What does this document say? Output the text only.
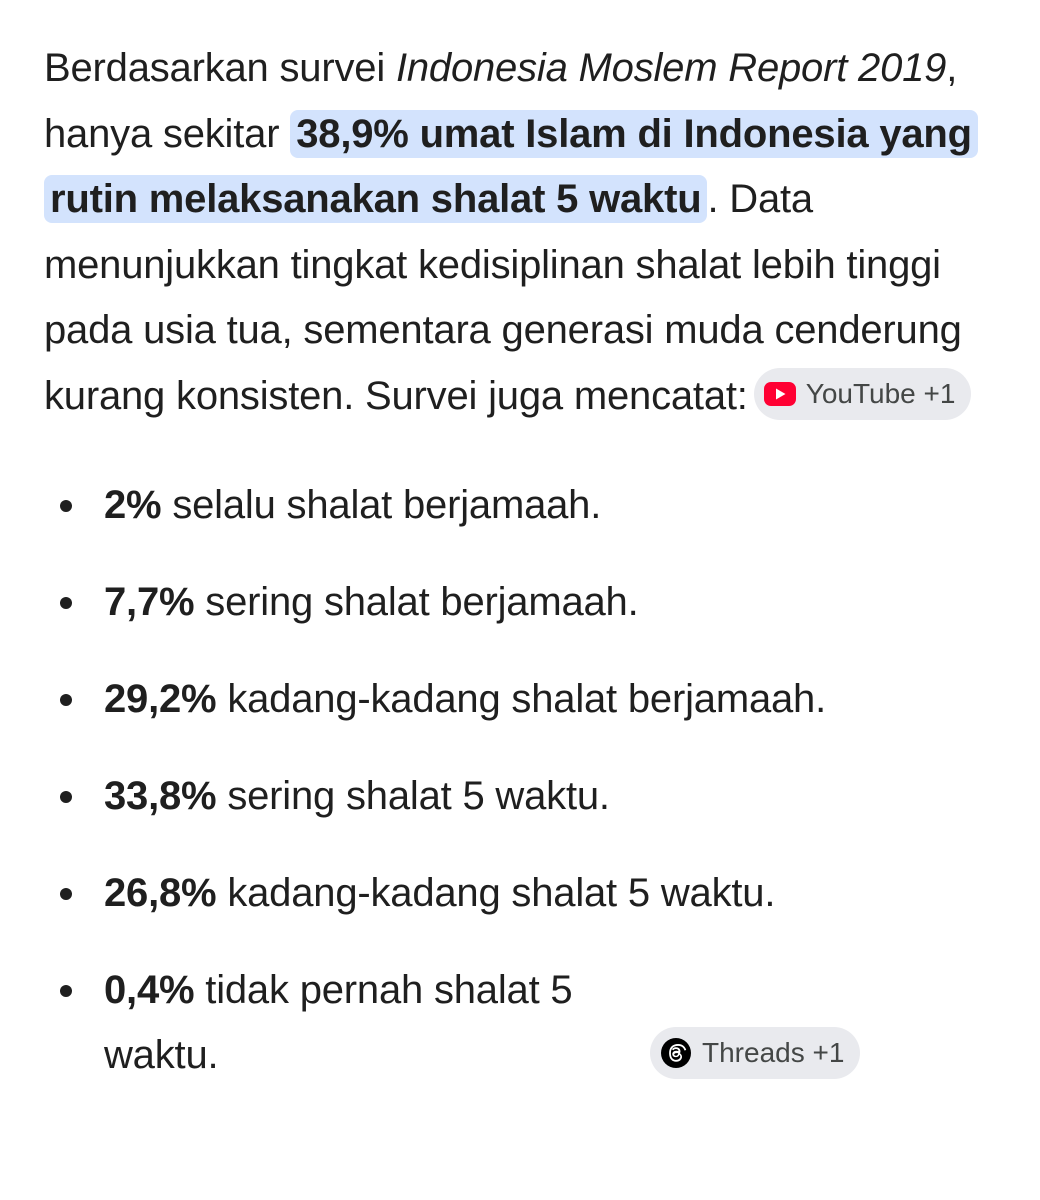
Berdasarkan survei Indonesia Moslem Report 2019, hanya sekitar 38,9% umat Islam di Indonesia yang rutin melaksanakan shalat 5 waktu . Data menunjukkan tingkat kedisiplinan shalat lebih tinggi pada usia tua, sementara generasi muda cenderung kurang konsisten. Survei juga mencatat: YouTube +1

2% selalu shalat berjamaah.
7,7% sering shalat berjamaah.
29,2% kadang-kadang shalat berjamaah.
33,8% sering shalat 5 waktu.
26,8% kadang-kadang shalat 5 waktu.
0,4% tidak pernah shalat 5 waktu.	Threads +1
